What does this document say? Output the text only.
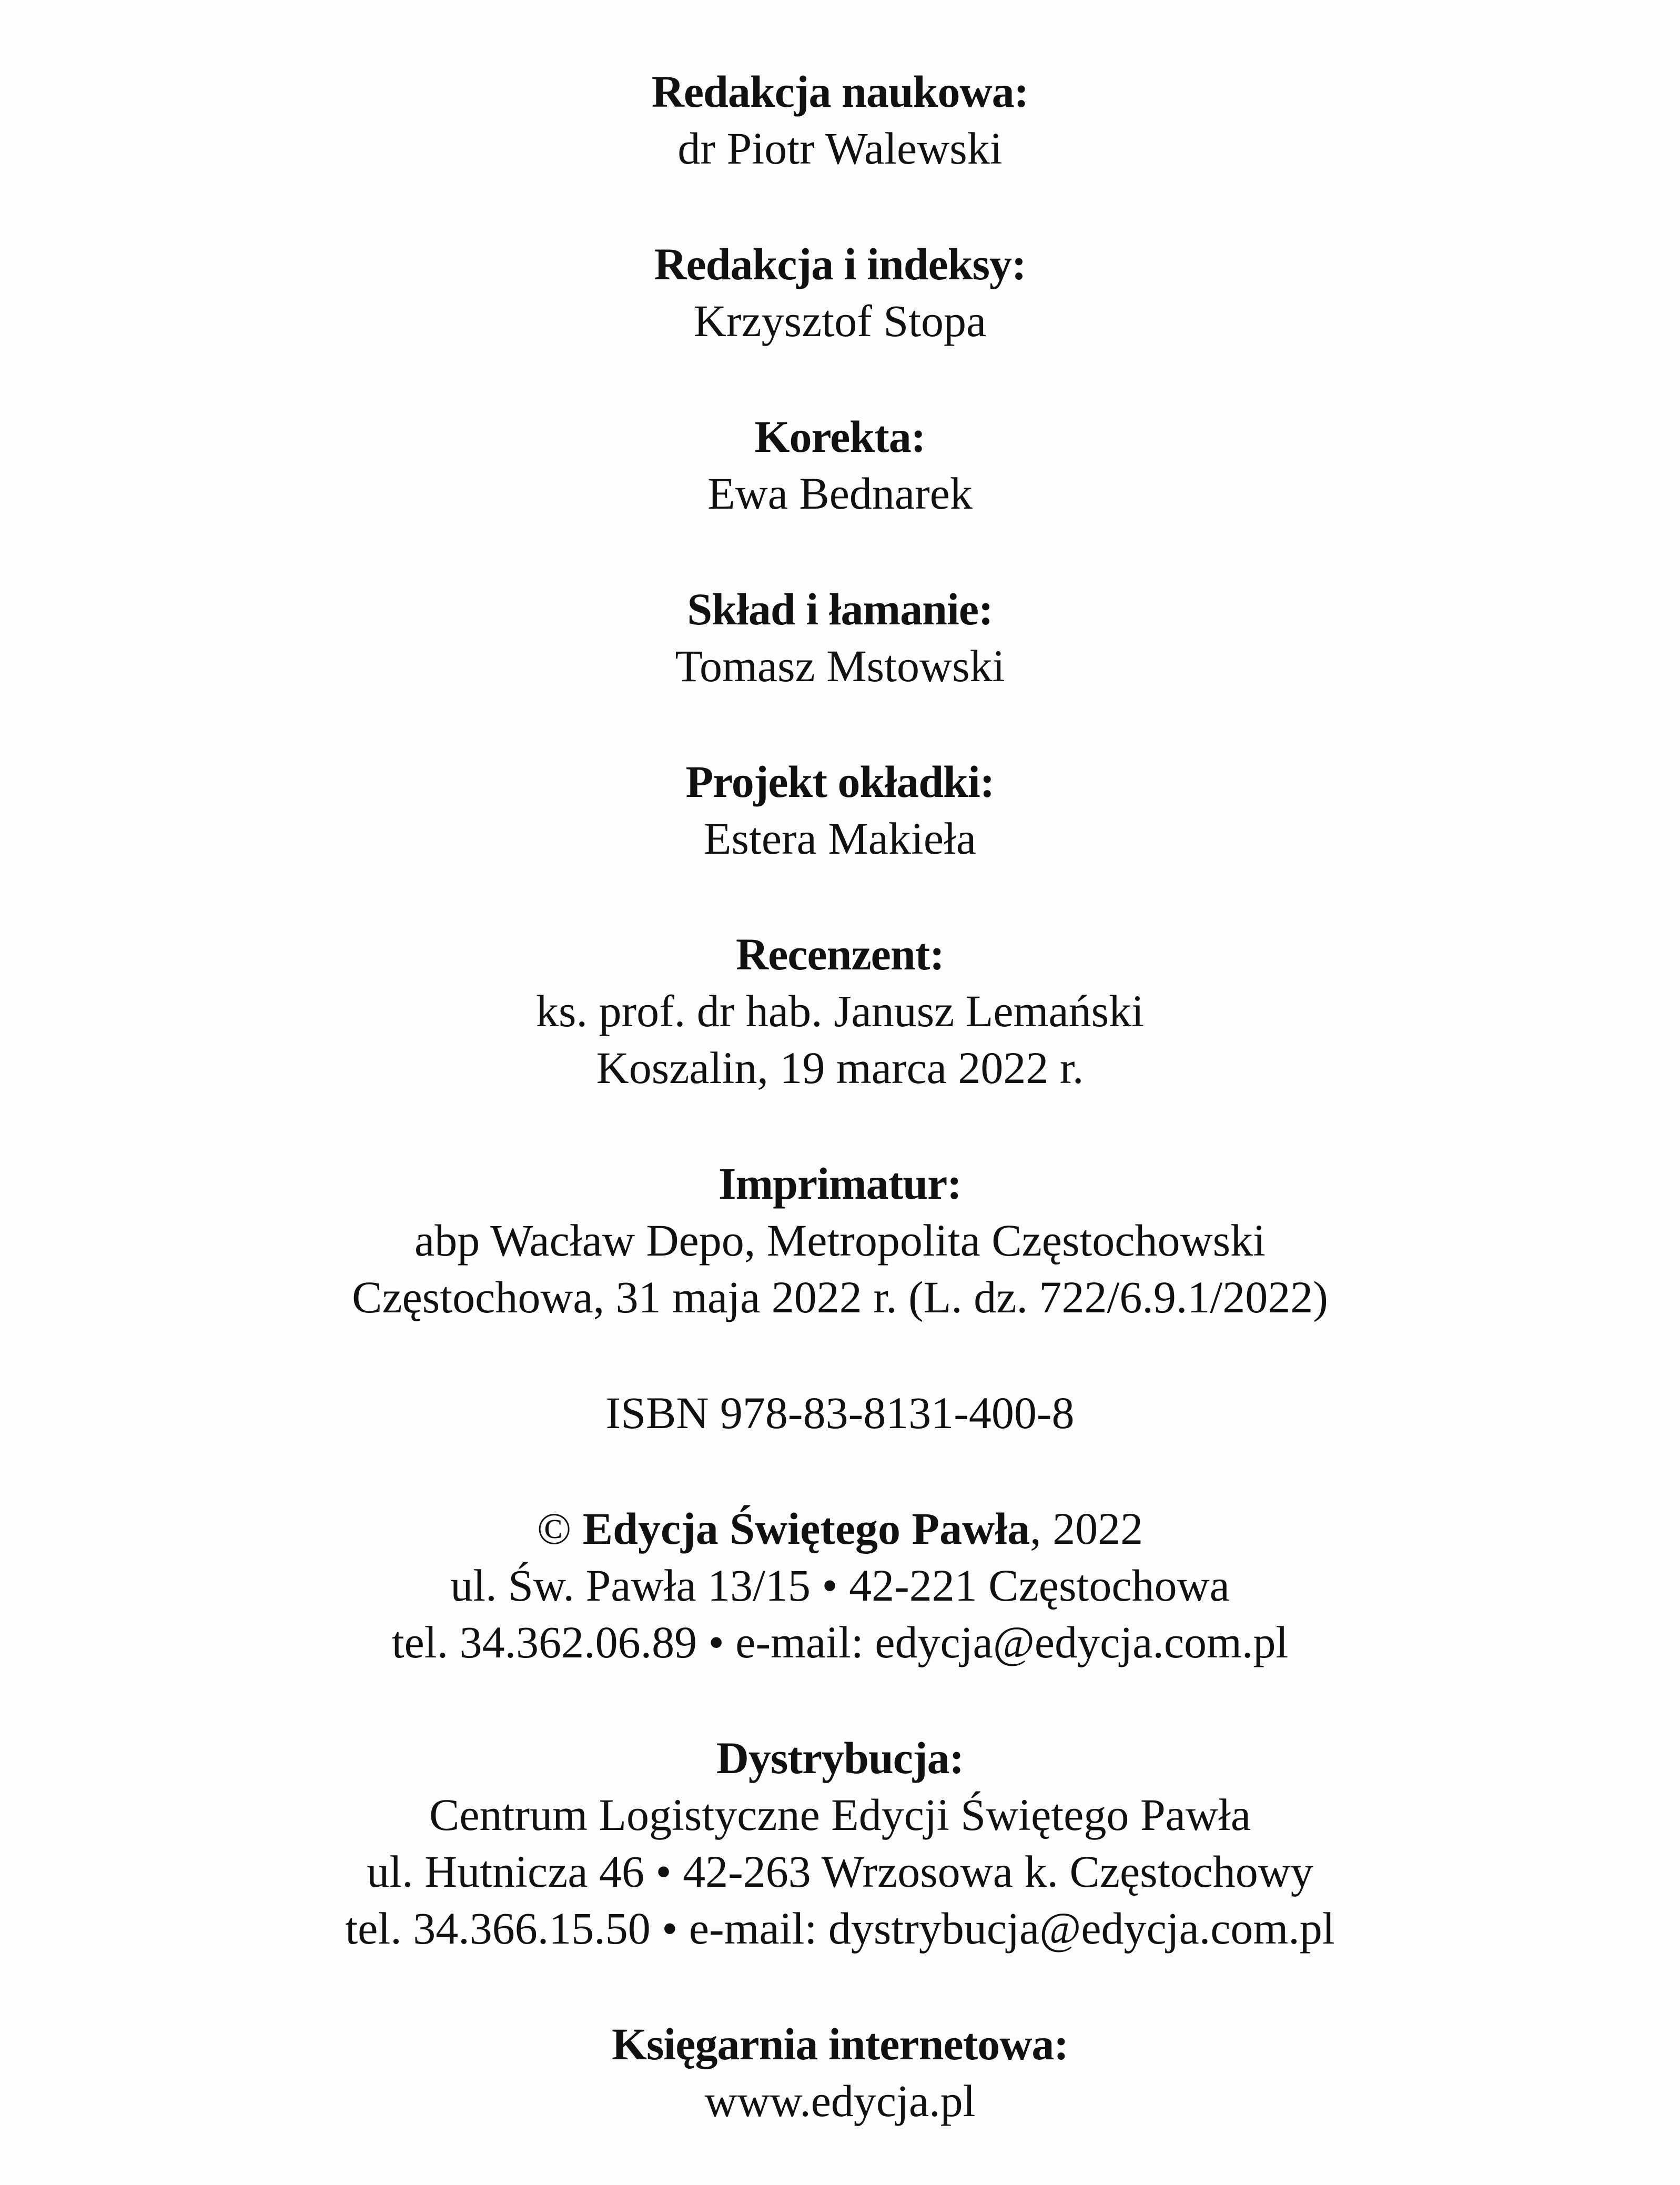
Redakcja naukowa:

dr Piotr Walewski

Redakcja i indeksy:

Krzysztof Stopa

Korekta:

Ewa Bednarek

Skład i łamanie:

Tomasz Mstowski

Projekt okładki:

Estera Makieła

Recenzent:

ks. prof. dr hab. Janusz Lemański

Koszalin, 19 marca 2022 r.

Imprimatur:

abp Wacław Depo, Metropolita Częstochowski

Częstochowa, 31 maja 2022 r. (L. dz. 722/6.9.1/2022)

ISBN 978-83-8131-400-8

© Edycja Świętego Pawła, 2022

ul. Św. Pawła 13/15 • 42-221 Częstochowa

tel. 34.362.06.89 • e-mail: edycja@edycja.com.pl

Dystrybucja:

Centrum Logistyczne Edycji Świętego Pawła

ul. Hutnicza 46 • 42-263 Wrzosowa k. Częstochowy

tel. 34.366.15.50 • e-mail: dystrybucja@edycja.com.pl

Księgarnia internetowa:

www.edycja.pl
